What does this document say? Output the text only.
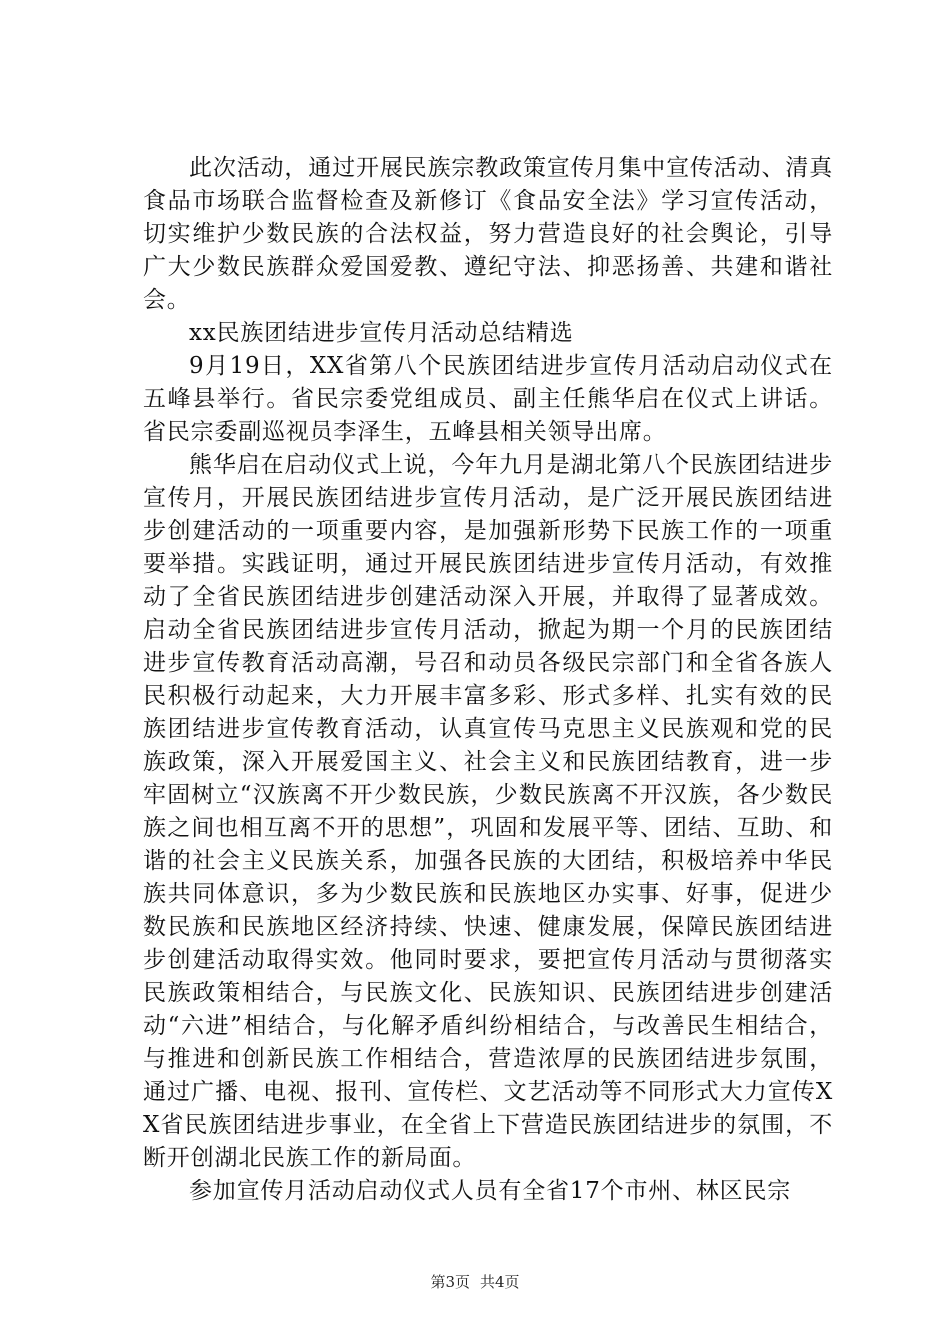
此次活动，通过开展民族宗教政策宣传月集中宣传活动、清真食品市场联合监督检查及新修订《食品安全法》学习宣传活动，切实维护少数民族的合法权益，努力营造良好的社会舆论，引导广大少数民族群众爱国爱教、遵纪守法、抑恶扬善、共建和谐社会。

xx民族团结进步宣传月活动总结精选

9月19日，XX省第八个民族团结进步宣传月活动启动仪式在五峰县举行。省民宗委党组成员、副主任熊华启在仪式上讲话。省民宗委副巡视员李泽生，五峰县相关领导出席。

熊华启在启动仪式上说，今年九月是湖北第八个民族团结进步宣传月，开展民族团结进步宣传月活动，是广泛开展民族团结进步创建活动的一项重要内容，是加强新形势下民族工作的一项重要举措。实践证明，通过开展民族团结进步宣传月活动，有效推动了全省民族团结进步创建活动深入开展，并取得了显著成效。启动全省民族团结进步宣传月活动，掀起为期一个月的民族团结进步宣传教育活动高潮，号召和动员各级民宗部门和全省各族人民积极行动起来，大力开展丰富多彩、形式多样、扎实有效的民族团结进步宣传教育活动，认真宣传马克思主义民族观和党的民族政策，深入开展爱国主义、社会主义和民族团结教育，进一步牢固树立“汉族离不开少数民族，少数民族离不开汉族，各少数民族之间也相互离不开的思想”，巩固和发展平等、团结、互助、和谐的社会主义民族关系，加强各民族的大团结，积极培养中华民族共同体意识，多为少数民族和民族地区办实事、好事，促进少数民族和民族地区经济持续、快速、健康发展，保障民族团结进步创建活动取得实效。他同时要求，要把宣传月活动与贯彻落实民族政策相结合，与民族文化、民族知识、民族团结进步创建活动“六进”相结合，与化解矛盾纠纷相结合，与改善民生相结合，与推进和创新民族工作相结合，营造浓厚的民族团结进步氛围，通过广播、电视、报刊、宣传栏、文艺活动等不同形式大力宣传XX省民族团结进步事业，在全省上下营造民族团结进步的氛围，不断开创湖北民族工作的新局面。

参加宣传月活动启动仪式人员有全省17个市州、林区民宗

第3页 共4页
